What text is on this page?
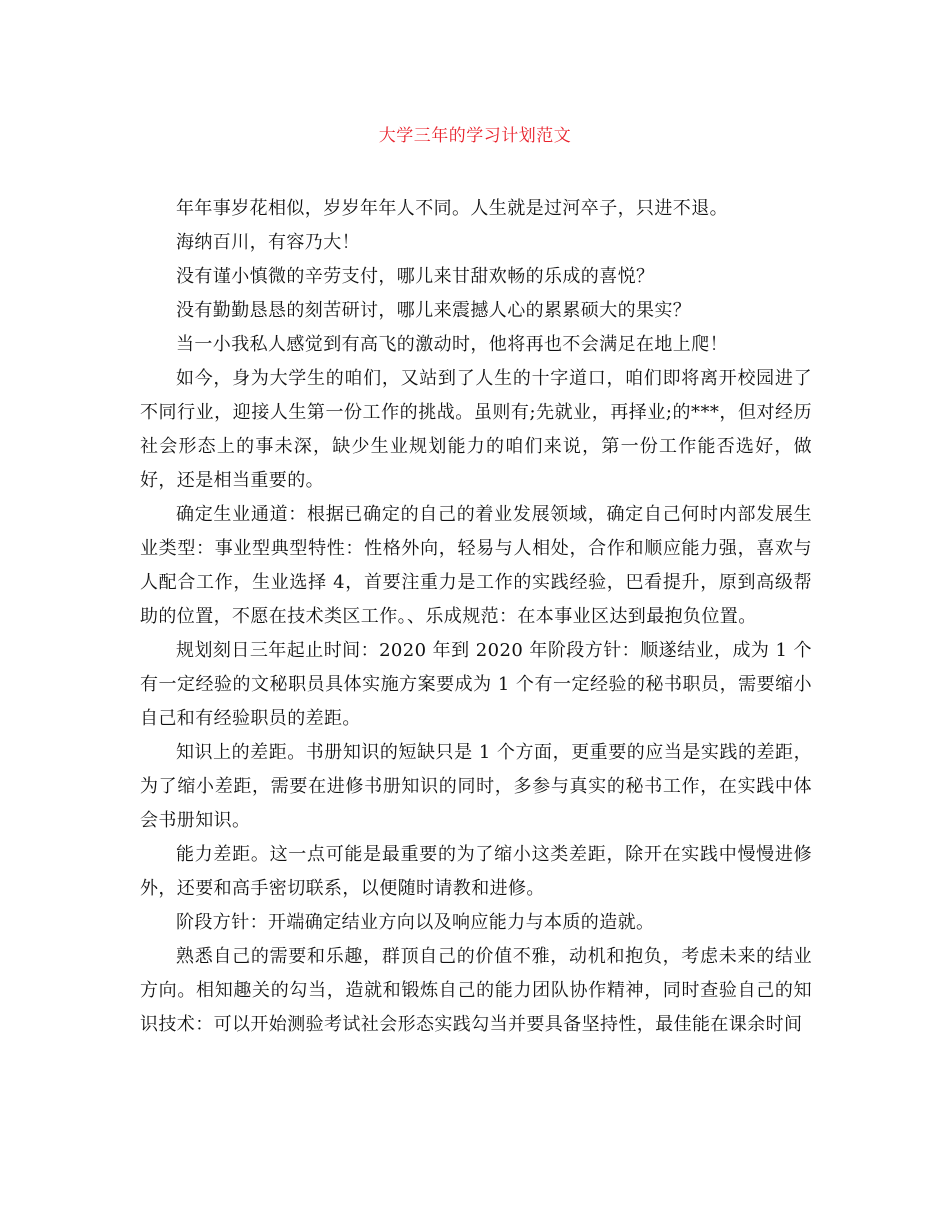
大学三年的学习计划范文

年年事岁花相似，岁岁年年人不同。人生就是过河卒子，只进不退。

海纳百川，有容乃大！

没有谨小慎微的辛劳支付，哪儿来甘甜欢畅的乐成的喜悦？

没有勤勤恳恳的刻苦研讨，哪儿来震撼人心的累累硕大的果实？

当一小我私人感觉到有高飞的激动时，他将再也不会满足在地上爬！

如今，身为大学生的咱们，又站到了人生的十字道口，咱们即将离开校园进了不同行业，迎接人生第一份工作的挑战。虽则有;先就业，再择业;的***，但对经历社会形态上的事未深，缺少生业规划能力的咱们来说，第一份工作能否选好，做好，还是相当重要的。

确定生业通道：根据已确定的自己的着业发展领域，确定自己何时内部发展生业类型：事业型典型特性：性格外向，轻易与人相处，合作和顺应能力强，喜欢与人配合工作，生业选择 4，首要注重力是工作的实践经验，巴看提升，原到高级帮助的位置，不愿在技术类区工作。、乐成规范：在本事业区达到最抱负位置。

规划刻日三年起止时间：2020 年到 2020 年阶段方针：顺遂结业，成为 1 个有一定经验的文秘职员具体实施方案要成为 1 个有一定经验的秘书职员，需要缩小自己和有经验职员的差距。

知识上的差距。书册知识的短缺只是 1 个方面，更重要的应当是实践的差距，为了缩小差距，需要在进修书册知识的同时，多参与真实的秘书工作，在实践中体会书册知识。

能力差距。这一点可能是最重要的为了缩小这类差距，除开在实践中慢慢进修外，还要和高手密切联系，以便随时请教和进修。

阶段方针：开端确定结业方向以及响应能力与本质的造就。

熟悉自己的需要和乐趣，群顶自己的价值不雅，动机和抱负，考虑未来的结业方向。相知趣关的勾当，造就和锻炼自己的能力团队协作精神，同时查验自己的知识技术：可以开始测验考试社会形态实践勾当并要具备坚持性，最佳能在课余时间
